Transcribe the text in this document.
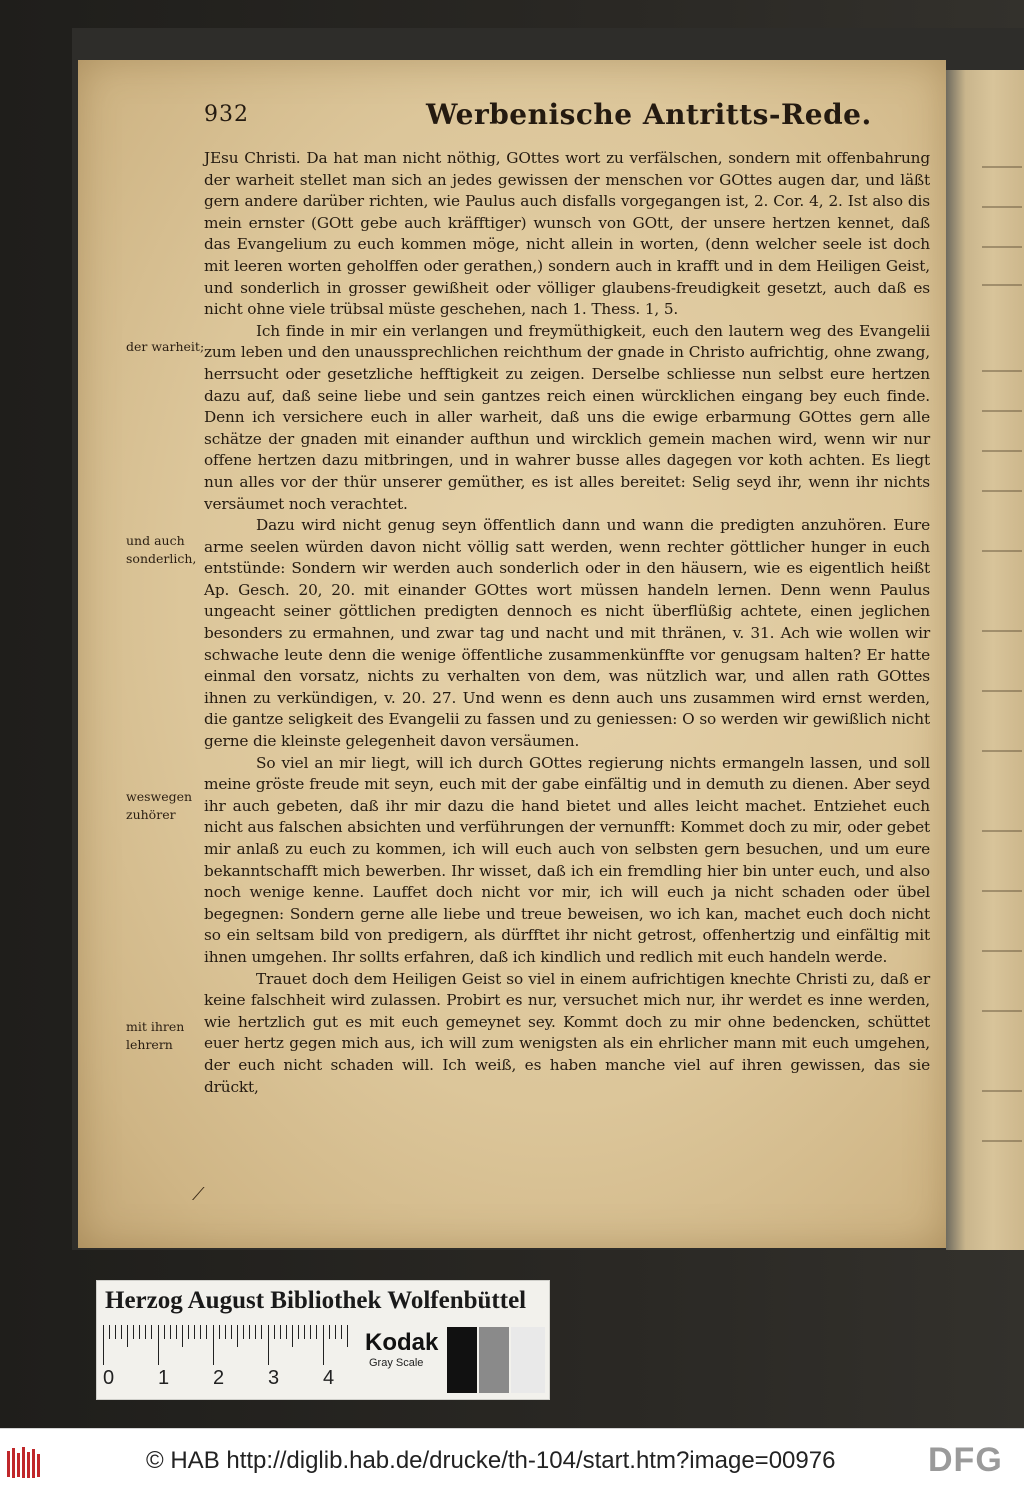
932	Werbenische Antritts-Rede.
der warheit;
und auch sonderlich,
weswegen zuhörer
mit ihren lehrern

JEsu Christi. Da hat man nicht nöthig, GOttes wort zu verfälschen, sondern mit offenbahrung der warheit stellet man sich an jedes gewissen der menschen vor GOttes augen dar, und läßt gern andere darüber richten, wie Paulus auch disfalls vorgegangen ist, 2. Cor. 4, 2. Ist also dis mein ernster (GOtt gebe auch kräfftiger) wunsch von GOtt, der unsere hertzen kennet, daß das Evangelium zu euch kommen möge, nicht allein in worten, (denn welcher seele ist doch mit leeren worten geholffen oder gerathen,) sondern auch in krafft und in dem Heiligen Geist, und sonderlich in grosser gewißheit oder völliger glaubens-freudigkeit gesetzt, auch daß es nicht ohne viele trübsal müste geschehen, nach 1. Thess. 1, 5.

Ich finde in mir ein verlangen und freymüthigkeit, euch den lautern weg des Evangelii zum leben und den unaussprechlichen reichthum der gnade in Christo aufrichtig, ohne zwang, herrsucht oder gesetzliche hefftigkeit zu zeigen. Derselbe schliesse nun selbst eure hertzen dazu auf, daß seine liebe und sein gantzes reich einen würcklichen eingang bey euch finde. Denn ich versichere euch in aller warheit, daß uns die ewige erbarmung GOttes gern alle schätze der gnaden mit einander aufthun und wircklich gemein machen wird, wenn wir nur offene hertzen dazu mitbringen, und in wahrer busse alles dagegen vor koth achten. Es liegt nun alles vor der thür unserer gemüther, es ist alles bereitet: Selig seyd ihr, wenn ihr nichts versäumet noch verachtet.

Dazu wird nicht genug seyn öffentlich dann und wann die predigten anzuhören. Eure arme seelen würden davon nicht völlig satt werden, wenn rechter göttlicher hunger in euch entstünde: Sondern wir werden auch sonderlich oder in den häusern, wie es eigentlich heißt Ap. Gesch. 20, 20. mit einander GOttes wort müssen handeln lernen. Denn wenn Paulus ungeacht seiner göttlichen predigten dennoch es nicht überflüßig achtete, einen jeglichen besonders zu ermahnen, und zwar tag und nacht und mit thränen, v. 31. Ach wie wollen wir schwache leute denn die wenige öffentliche zusammenkünffte vor genugsam halten? Er hatte einmal den vorsatz, nichts zu verhalten von dem, was nützlich war, und allen rath GOttes ihnen zu verkündigen, v. 20. 27. Und wenn es denn auch uns zusammen wird ernst werden, die gantze seligkeit des Evangelii zu fassen und zu geniessen: O so werden wir gewißlich nicht gerne die kleinste gelegenheit davon versäumen.

So viel an mir liegt, will ich durch GOttes regierung nichts ermangeln lassen, und soll meine gröste freude mit seyn, euch mit der gabe einfältig und in demuth zu dienen. Aber seyd ihr auch gebeten, daß ihr mir dazu die hand bietet und alles leicht machet. Entziehet euch nicht aus falschen absichten und verführungen der vernunfft: Kommet doch zu mir, oder gebet mir anlaß zu euch zu kommen, ich will euch auch von selbsten gern besuchen, und um eure bekanntschafft mich bewerben. Ihr wisset, daß ich ein fremdling hier bin unter euch, und also noch wenige kenne. Lauffet doch nicht vor mir, ich will euch ja nicht schaden oder übel begegnen: Sondern gerne alle liebe und treue beweisen, wo ich kan, machet euch doch nicht so ein seltsam bild von predigern, als dürfftet ihr nicht getrost, offenhertzig und einfältig mit ihnen umgehen. Ihr sollts erfahren, daß ich kindlich und redlich mit euch handeln werde.

Trauet doch dem Heiligen Geist so viel in einem aufrichtigen knechte Christi zu, daß er keine falschheit wird zulassen. Probirt es nur, versuchet mich nur, ihr werdet es inne werden, wie hertzlich gut es mit euch gemeynet sey. Kommt doch zu mir ohne bedencken, schüttet euer hertz gegen mich aus, ich will zum wenigsten als ein ehrlicher mann mit euch umgehen, der euch nicht schaden will. Ich weiß, es haben manche viel auf ihren gewissen, das sie drückt,

⟋
Herzog August Bibliothek Wolfenbüttel
0 1 2 3 4
Kodak
Gray Scale
© HAB http://diglib.hab.de/drucke/th-104/start.htm?image=00976	DFG
